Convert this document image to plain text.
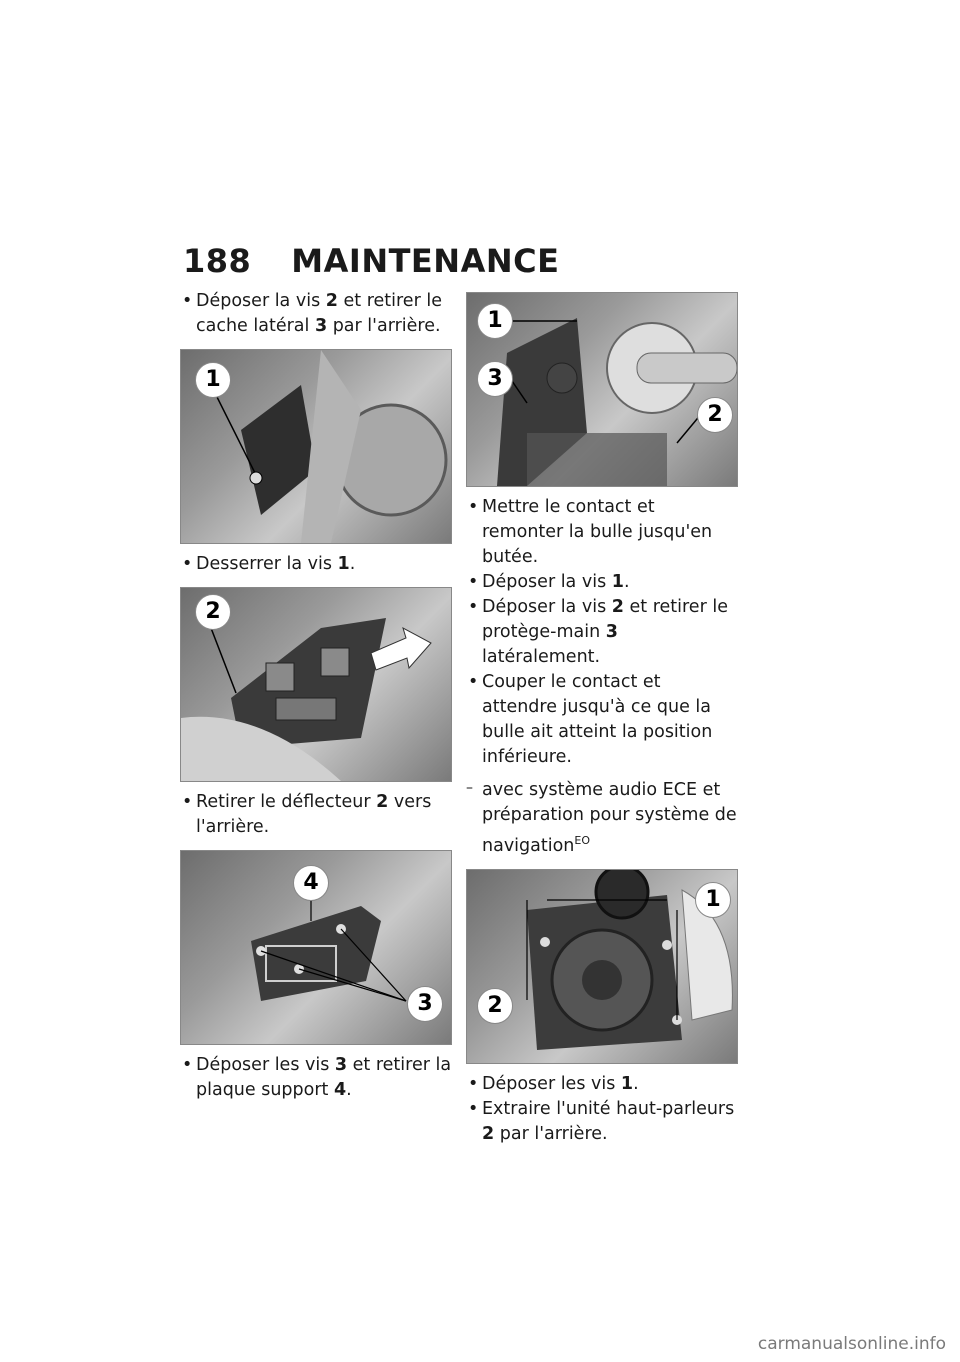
188 MAINTENANCE

• Déposer la vis 2 et retirer le cache latéral 3 par l'arrière.

1

• Desserrer la vis 1.

2

• Retirer le déflecteur 2 vers l'arrière.

4
3

• Déposer les vis 3 et retirer la plaque support 4.

1
3
2

• Mettre le contact et remonter la bulle jusqu'en butée.

• Déposer la vis 1.

• Déposer la vis 2 et retirer le protège-main 3 latéralement.

• Couper le contact et attendre jusqu'à ce que la bulle ait atteint la position inférieure.

– avec système audio ECE et préparation pour système de navigation$^{EO}$

1
2

• Déposer les vis 1.

• Extraire l'unité haut-parleurs 2 par l'arrière.

carmanualsonline.info
